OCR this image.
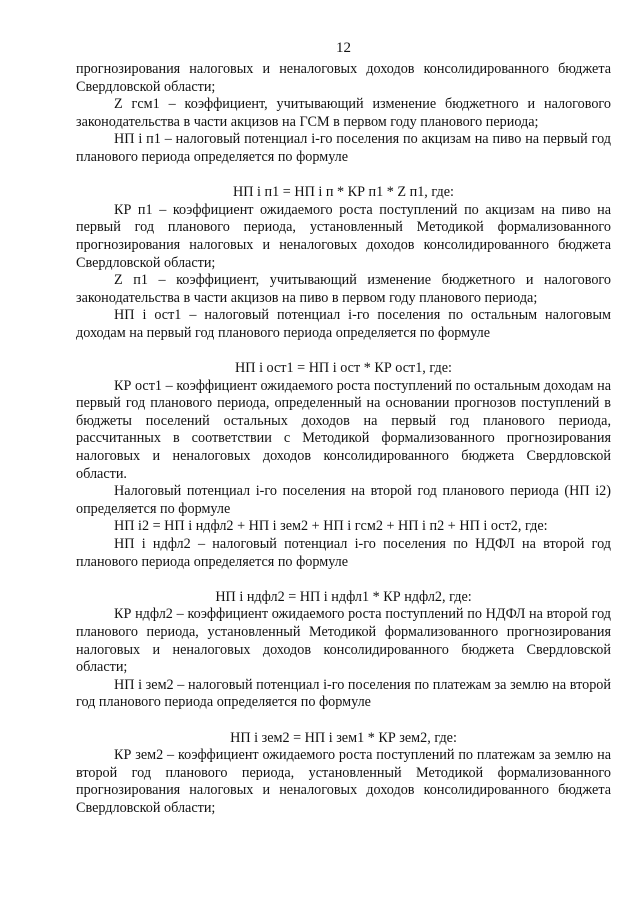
12

прогнозирования налоговых и неналоговых доходов консолидированного бюджета Свердловской области;

Z гсм1 – коэффициент, учитывающий изменение бюджетного и налогового законодательства в части акцизов на ГСМ в первом году планового периода;

НП i п1 – налоговый потенциал i-го поселения по акцизам на пиво на первый год планового периода определяется по формуле

НП i п1 = НП i п * КР п1 * Z п1, где:

КР п1 – коэффициент ожидаемого роста поступлений по акцизам на пиво на первый год планового периода, установленный Методикой формализованного прогнозирования налоговых и неналоговых доходов консолидированного бюджета Свердловской области;

Z п1 – коэффициент, учитывающий изменение бюджетного и налогового законодательства в части акцизов на пиво в первом году планового периода;

НП i ост1 – налоговый потенциал i-го поселения по остальным налоговым доходам на первый год планового периода определяется по формуле

НП i ост1 = НП i ост * КР ост1, где:

КР ост1 – коэффициент ожидаемого роста поступлений по остальным доходам на первый год планового периода, определенный на основании прогнозов поступлений в бюджеты поселений остальных доходов на первый год планового периода, рассчитанных в соответствии с Методикой формализованного прогнозирования налоговых и неналоговых доходов консолидированного бюджета Свердловской области.

Налоговый потенциал i-го поселения на второй год планового периода (НП i2) определяется по формуле

НП i2 = НП i ндфл2 + НП i зем2 + НП i гсм2 + НП i п2 + НП i ост2, где:

НП i ндфл2 – налоговый потенциал i-го поселения по НДФЛ на второй год планового периода определяется по формуле

НП i ндфл2 = НП i ндфл1 * КР ндфл2, где:

КР ндфл2 – коэффициент ожидаемого роста поступлений по НДФЛ на второй год планового периода, установленный Методикой формализованного прогнозирования налоговых и неналоговых доходов консолидированного бюджета Свердловской области;

НП i зем2 – налоговый потенциал i-го поселения по платежам за землю на второй год планового периода определяется по формуле

НП i зем2 = НП i зем1 * КР зем2, где:

КР зем2 – коэффициент ожидаемого роста поступлений по платежам за землю на второй год планового периода, установленный Методикой формализованного прогнозирования налоговых и неналоговых доходов консолидированного бюджета Свердловской области;
